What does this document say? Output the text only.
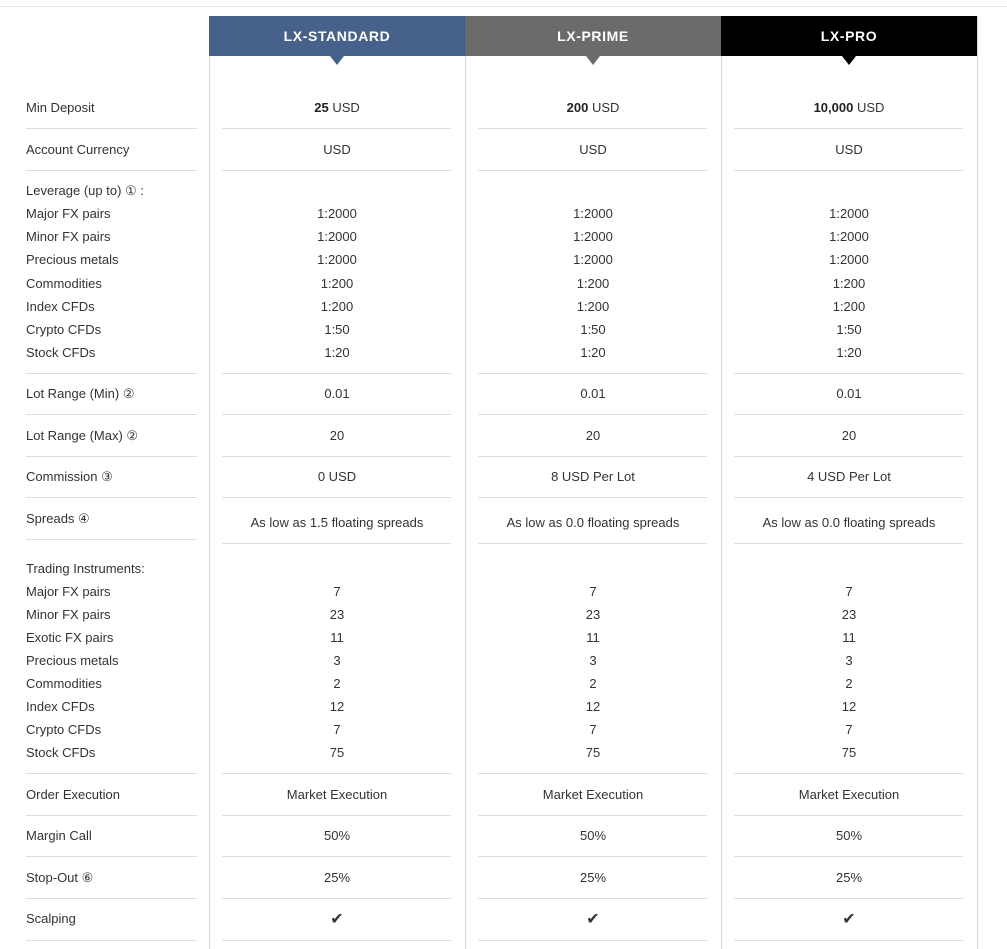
LX-STANDARD	LX-PRIME	LX-PRO
Min Deposit	25 USD	200 USD	10,000 USD
Account Currency	USD	USD	USD
Leverage (up to) ① :
Major FX pairs	1:2000	1:2000	1:2000
Minor FX pairs	1:2000	1:2000	1:2000
Precious metals	1:2000	1:2000	1:2000
Commodities	1:200	1:200	1:200
Index CFDs	1:200	1:200	1:200
Crypto CFDs	1:50	1:50	1:50
Stock CFDs	1:20	1:20	1:20
Lot Range (Min) ②	0.01	0.01	0.01
Lot Range (Max) ②	20	20	20
Commission ③	0 USD	8 USD Per Lot	4 USD Per Lot
Spreads ④	As low as 1.5 floating spreads	As low as 0.0 floating spreads	As low as 0.0 floating spreads
Trading Instruments:
Major FX pairs	7	7	7
Minor FX pairs	23	23	23
Exotic FX pairs	11	11	11
Precious metals	3	3	3
Commodities	2	2	2
Index CFDs	12	12	12
Crypto CFDs	7	7	7
Stock CFDs	75	75	75
Order Execution	Market Execution	Market Execution	Market Execution
Margin Call	50%	50%	50%
Stop-Out ⑥	25%	25%	25%
Scalping	✔	✔	✔
